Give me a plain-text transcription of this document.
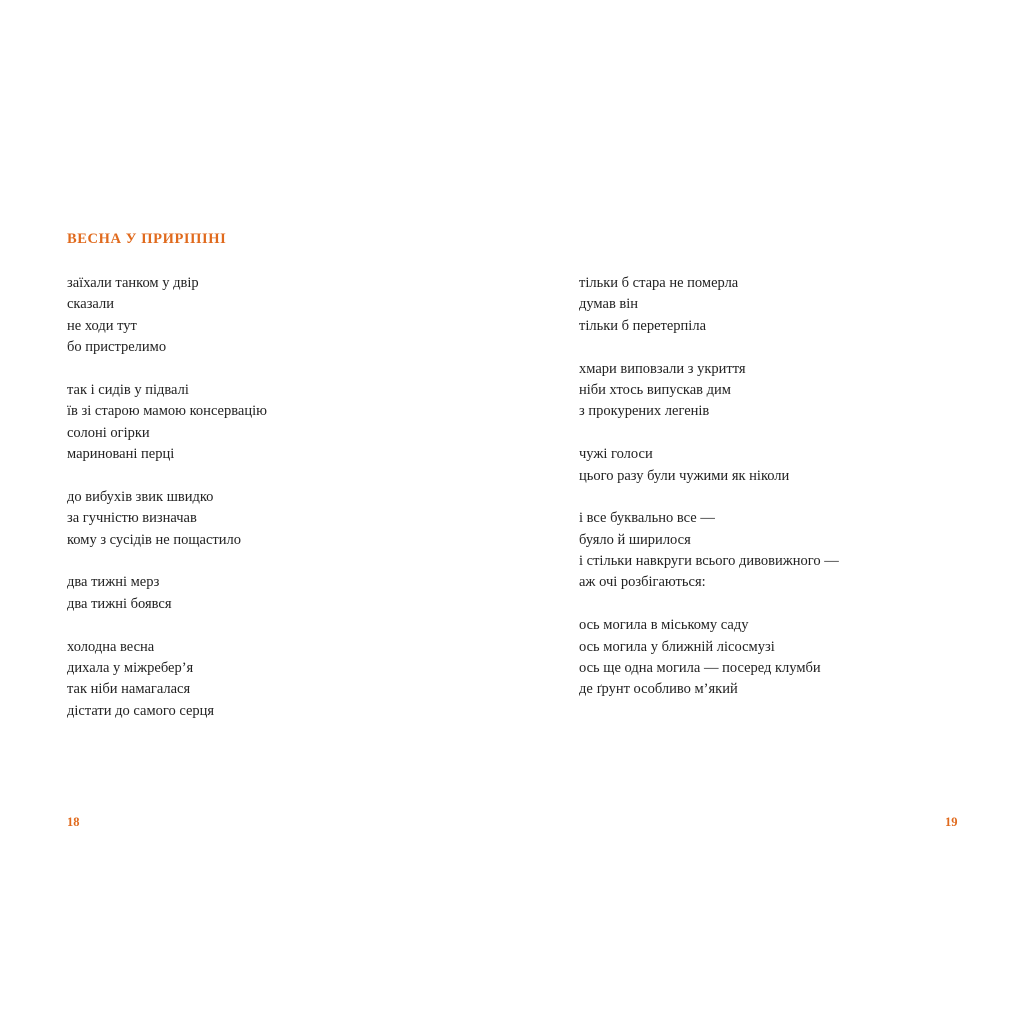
ВЕСНА У ПРИРІПІНІ
заїхали танком у двір
сказали
не ходи тут
бо пристрелимо
так і сидів у підвалі
їв зі старою мамою консервацію
солоні огірки
мариновані перці
до вибухів звик швидко
за гучністю визначав
кому з сусідів не пощастило
два тижні мерз
два тижні боявся
холодна весна
дихала у міжребер’я
так ніби намагалася
дістати до самого серця
тільки б стара не померла
думав він
тільки б перетерпіла
хмари виповзали з укриття
ніби хтось випускав дим
з прокурених легенів
чужі голоси
цього разу були чужими як ніколи
і все буквально все —
буяло й ширилося
і стільки навкруги всього дивовижного —
аж очі розбігаються:
ось могила в міському саду
ось могила у ближній лісосмузі
ось ще одна могила — посеред клумби
де ґрунт особливо м’який
18	19
